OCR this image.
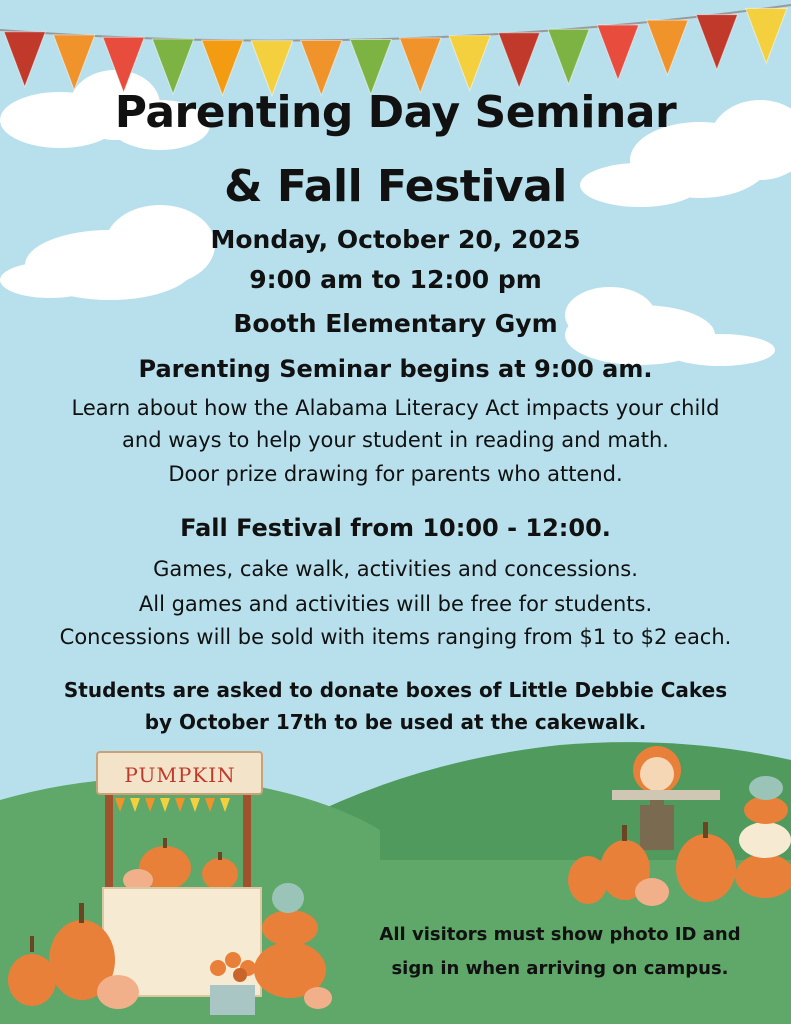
Parenting Day Seminar
& Fall Festival

Monday, October 20, 2025

9:00 am to 12:00 pm

Booth Elementary Gym

Parenting Seminar begins at 9:00 am.

Learn about how the Alabama Literacy Act impacts your child

and ways to help your student in reading and math.

Door prize drawing for parents who attend.

Fall Festival from 10:00 - 12:00.

Games, cake walk, activities and concessions.

All games and activities will be free for students.

Concessions will be sold with items ranging from $1 to $2 each.

Students are asked to donate boxes of Little Debbie Cakes

by October 17th to be used at the cakewalk.

PUMPKIN

All visitors must show photo ID and

sign in when arriving on campus.
